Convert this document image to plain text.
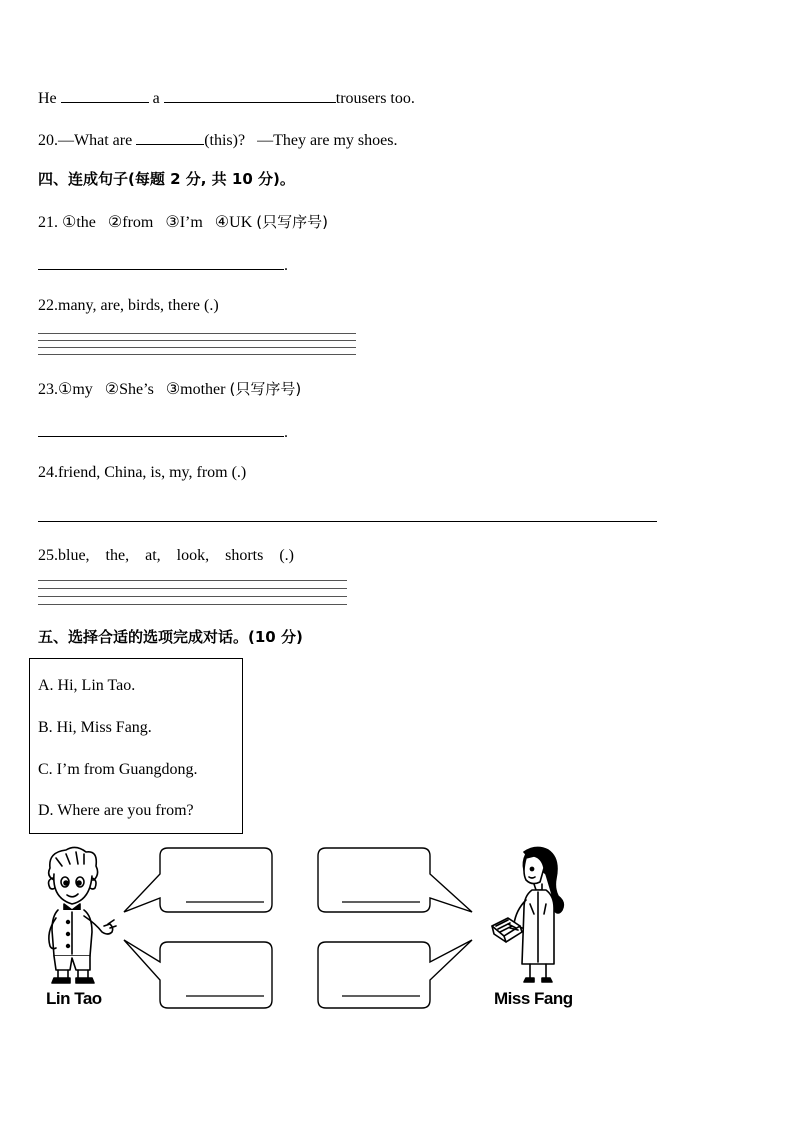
He	a	trousers too.
20.—What are	(this)? —They are my shoes.
四、连成句子(每题 2 分, 共 10 分)。
21. ①the ②from ③I’m ④UK (只写序号)
.
22.many, are, birds, there (.)
23.①my ②She’s ③mother (只写序号)
.
24.friend, China, is, my, from (.)
25.blue, the, at, look, shorts (.)
五、选择合适的选项完成对话。(10 分)
A. Hi, Lin Tao.
B. Hi, Miss Fang.
C. I’m from Guangdong.
D. Where are you from?
Lin Tao	Miss Fang
